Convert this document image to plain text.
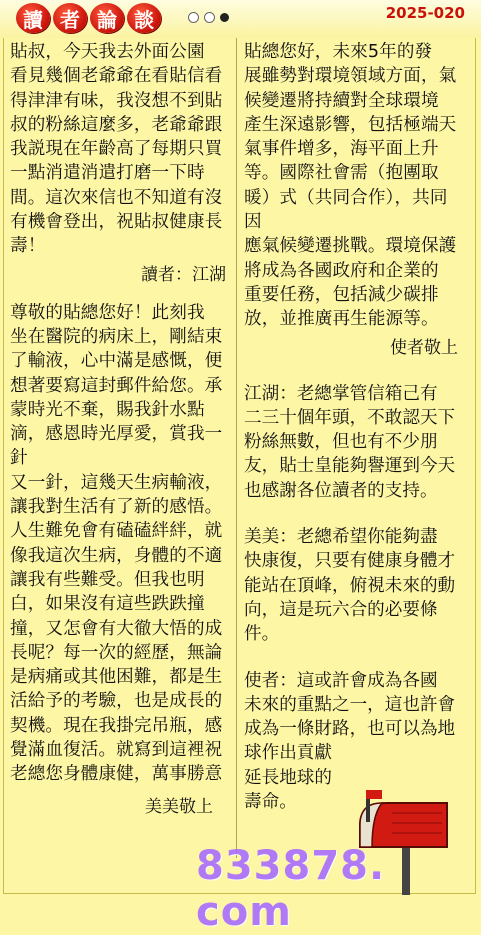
讀 者 論 談	2025-020

貼叔，今天我去外面公園
看見幾個老爺爺在看貼信看
得津津有味，我沒想不到貼
叔的粉絲這麼多，老爺爺跟
我説現在年齡高了每期只買
一點消遣消遣打磨一下時
間。這次來信也不知道有沒
有機會登出，祝貼叔健康長
壽！

讀者：江湖

尊敬的貼總您好！此刻我
坐在醫院的病床上，剛結束
了輸液，心中滿是感慨，便
想著要寫這封郵件給您。承
蒙時光不棄，賜我針水點
滴，感恩時光厚愛，賞我一針
又一針，這幾天生病輸液，
讓我對生活有了新的感悟。
人生難免會有磕磕絆絆，就
像我這次生病，身體的不適
讓我有些難受。但我也明
白，如果沒有這些跌跌撞
撞，又怎會有大徹大悟的成
長呢？每一次的經歷，無論
是病痛或其他困難，都是生
活給予的考驗，也是成長的
契機。現在我掛完吊瓶，感
覺滿血復活。就寫到這裡祝
老總您身體康健，萬事勝意

美美敬上

貼總您好，未來5年的發
展雖勢對環境領域方面，氣
候變遷將持續對全球環境
產生深遠影響，包括極端天
氣事件增多，海平面上升
等。國際社會需（抱團取
暖）式（共同合作），共同因
應氣候變遷挑戰。環境保護
將成為各國政府和企業的
重要任務，包括減少碳排
放，並推廣再生能源等。

使者敬上

江湖：老總掌管信箱己有
二三十個年頭，不敢認天下
粉絲無數，但也有不少朋
友，貼士皇能夠譽運到今天
也感謝各位讀者的支持。

美美：老總希望你能夠盡
快康復，只要有健康身體才
能站在頂峰，俯視未來的動
向，這是玩六合的必要條
件。

使者：這或許會成為各國
未來的重點之一，這也許會
成為一條財路，也可以為地
球作出貢獻
延長地球的
壽命。

833878. com
